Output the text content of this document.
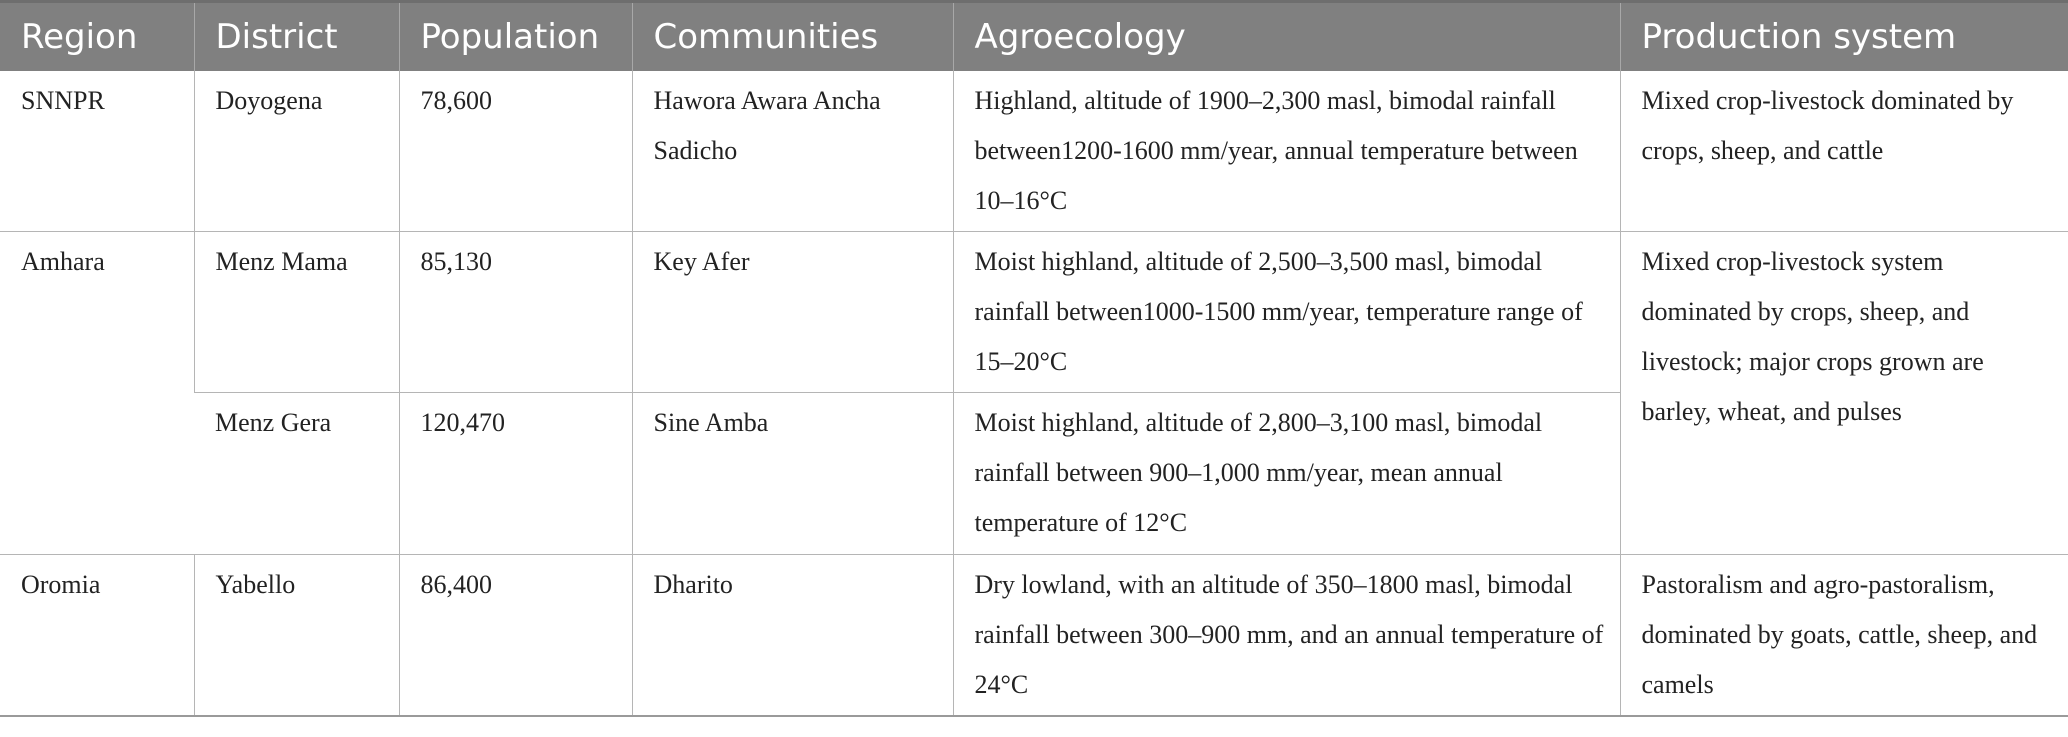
Region	District	Population	Communities	Agroecology	Production system
SNNPR	Doyogena	78,600	Hawora Awara Ancha Sadicho	Highland, altitude of 1900–2,300 masl, bimodal rainfall between1200-1600 mm/year, annual temperature between 10–16°C	Mixed crop-livestock dominated by crops, sheep, and cattle
Amhara	Menz Mama	85,130	Key Afer	Moist highland, altitude of 2,500–3,500 masl, bimodal rainfall between1000-1500 mm/year, temperature range of 15–20°C	Mixed crop-livestock system dominated by crops, sheep, and livestock; major crops grown are barley, wheat, and pulses
	Menz Gera	120,470	Sine Amba	Moist highland, altitude of 2,800–3,100 masl, bimodal rainfall between 900–1,000 mm/year, mean annual temperature of 12°C	
Oromia	Yabello	86,400	Dharito	Dry lowland, with an altitude of 350–1800 masl, bimodal rainfall between 300–900 mm, and an annual temperature of 24°C	Pastoralism and agro-pastoralism, dominated by goats, cattle, sheep, and camels
